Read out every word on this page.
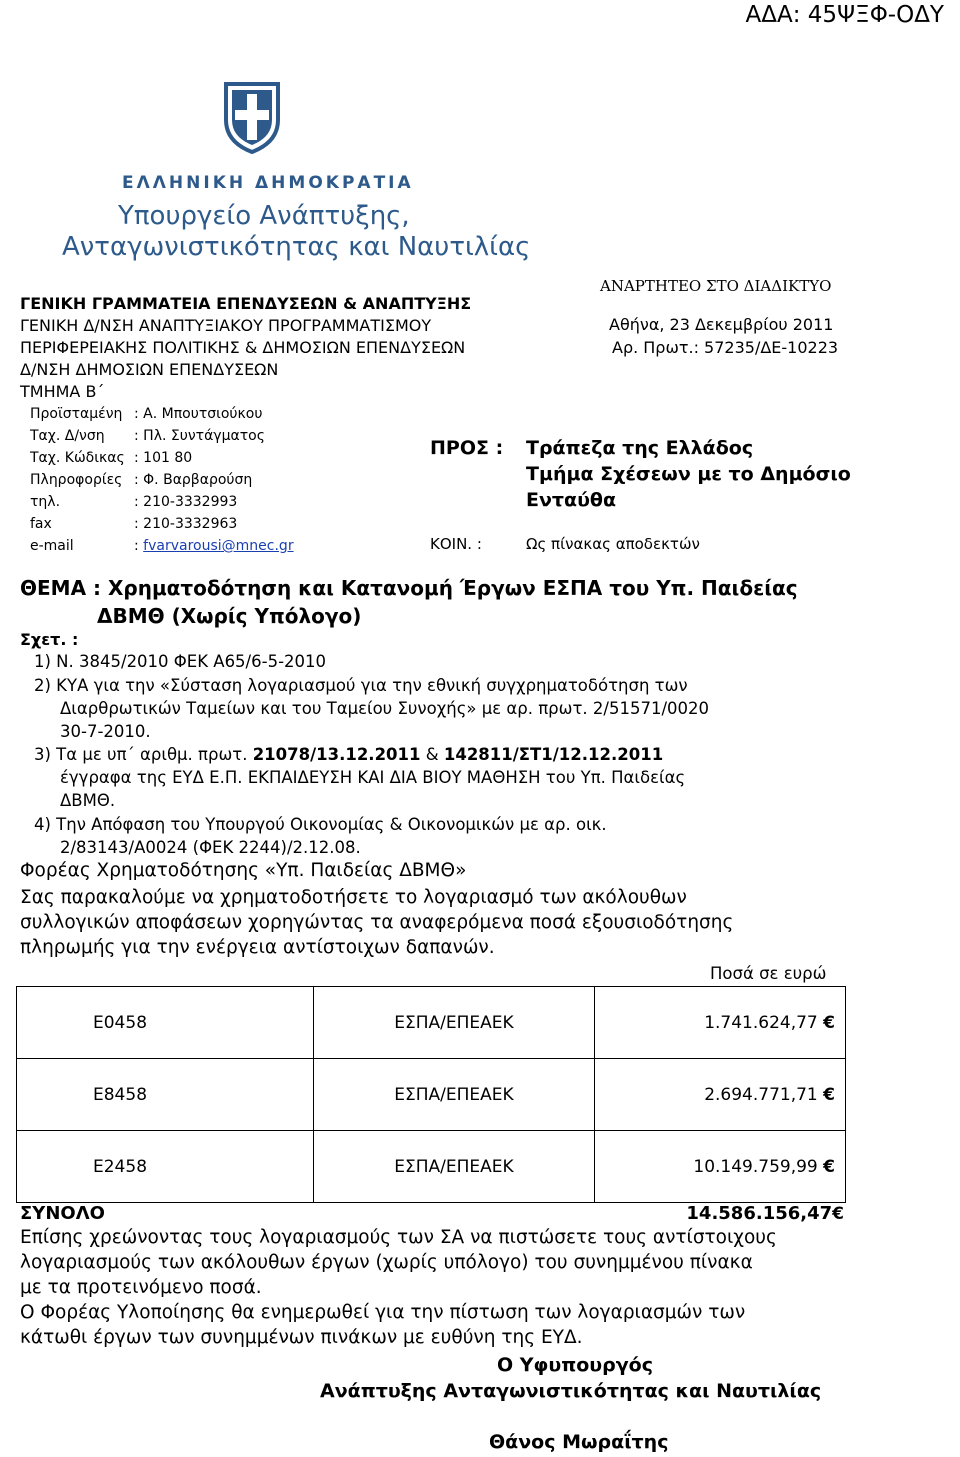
ΑΔΑ: 45ΨΞΦ-ΟΔΥ
ΕΛΛΗΝΙΚΗ ΔΗΜΟΚΡΑΤΙΑ
Υπουργείο Ανάπτυξης,
Ανταγωνιστικότητας και Ναυτιλίας
ΓΕΝΙΚΗ ΓΡΑΜΜΑΤΕΙΑ ΕΠΕΝΔΥΣΕΩΝ & ΑΝΑΠΤΥΞΗΣ
ΓΕΝΙΚΗ Δ/ΝΣΗ ΑΝΑΠΤΥΞΙΑΚΟΥ ΠΡΟΓΡΑΜΜΑΤΙΣΜΟΥ
ΠΕΡΙΦΕΡΕΙΑΚΗΣ ΠΟΛΙΤΙΚΗΣ & ΔΗΜΟΣΙΩΝ ΕΠΕΝΔΥΣΕΩΝ
Δ/ΝΣΗ ΔΗΜΟΣΙΩΝ ΕΠΕΝΔΥΣΕΩΝ
ΤΜΗΜΑ Β΄
Προϊσταμένη : Α. Μπουτσιούκου
Ταχ. Δ/νση : Πλ. Συντάγματος
Ταχ. Κώδικας : 101 80
Πληροφορίες : Φ. Βαρβαρούση
τηλ.	: 210-3332993
fax	: 210-3332963
e-mail	: fvarvarousi@mnec.gr
ΑΝΑΡΤΗΤΕΟ ΣΤΟ ΔΙΑΔΙΚΤΥΟ
Αθήνα, 23 Δεκεμβρίου 2011
Αρ. Πρωτ.: 57235/ΔΕ-10223
ΠΡΟΣ : Τράπεζα της Ελλάδος
Τμήμα Σχέσεων με το Δημόσιο
Ενταύθα
ΚΟΙΝ. :	Ως πίνακας αποδεκτών
ΘΕΜΑ : Χρηματοδότηση και Κατανομή Έργων ΕΣΠΑ του Υπ. Παιδείας
ΔΒΜΘ (Χωρίς Υπόλογο)
Σχετ. :
1) Ν. 3845/2010 ΦΕΚ Α65/6-5-2010
2) ΚΥΑ για την «Σύσταση λογαριασμού για την εθνική συγχρηματοδότηση των
Διαρθρωτικών Ταμείων και του Ταμείου Συνοχής» με αρ. πρωτ. 2/51571/0020
30-7-2010.
3) Τα με υπ΄ αριθμ. πρωτ. 21078/13.12.2011 & 142811/ΣΤ1/12.12.2011
έγγραφα της ΕΥΔ Ε.Π. ΕΚΠΑΙΔΕΥΣΗ ΚΑΙ ΔΙΑ ΒΙΟΥ ΜΑΘΗΣΗ του Υπ. Παιδείας
ΔΒΜΘ.
4) Την Απόφαση του Υπουργού Οικονομίας & Οικονομικών με αρ. οικ.
2/83143/Α0024 (ΦΕΚ 2244)/2.12.08.
Φορέας Χρηματοδότησης «Υπ. Παιδείας ΔΒΜΘ»
Σας παρακαλούμε να χρηματοδοτήσετε το λογαριασμό των ακόλουθων
συλλογικών αποφάσεων χορηγώντας τα αναφερόμενα ποσά εξουσιοδότησης
πληρωμής για την ενέργεια αντίστοιχων δαπανών.
Ποσά σε ευρώ
Ε0458	ΕΣΠΑ/ΕΠΕΑΕΚ	1.741.624,77 €
Ε8458	ΕΣΠΑ/ΕΠΕΑΕΚ	2.694.771,71 €
Ε2458	ΕΣΠΑ/ΕΠΕΑΕΚ	10.149.759,99 €
ΣΥΝΟΛΟ	14.586.156,47€
Επίσης χρεώνοντας τους λογαριασμούς των ΣΑ να πιστώσετε τους αντίστοιχους
λογαριασμούς των ακόλουθων έργων (χωρίς υπόλογο) του συνημμένου πίνακα
με τα προτεινόμενο ποσά.
Ο Φορέας Υλοποίησης θα ενημερωθεί για την πίστωση των λογαριασμών των
κάτωθι έργων των συνημμένων πινάκων με ευθύνη της ΕΥΔ.
Ο Υφυπουργός
Ανάπτυξης Ανταγωνιστικότητας και Ναυτιλίας
Θάνος Μωραΐτης
